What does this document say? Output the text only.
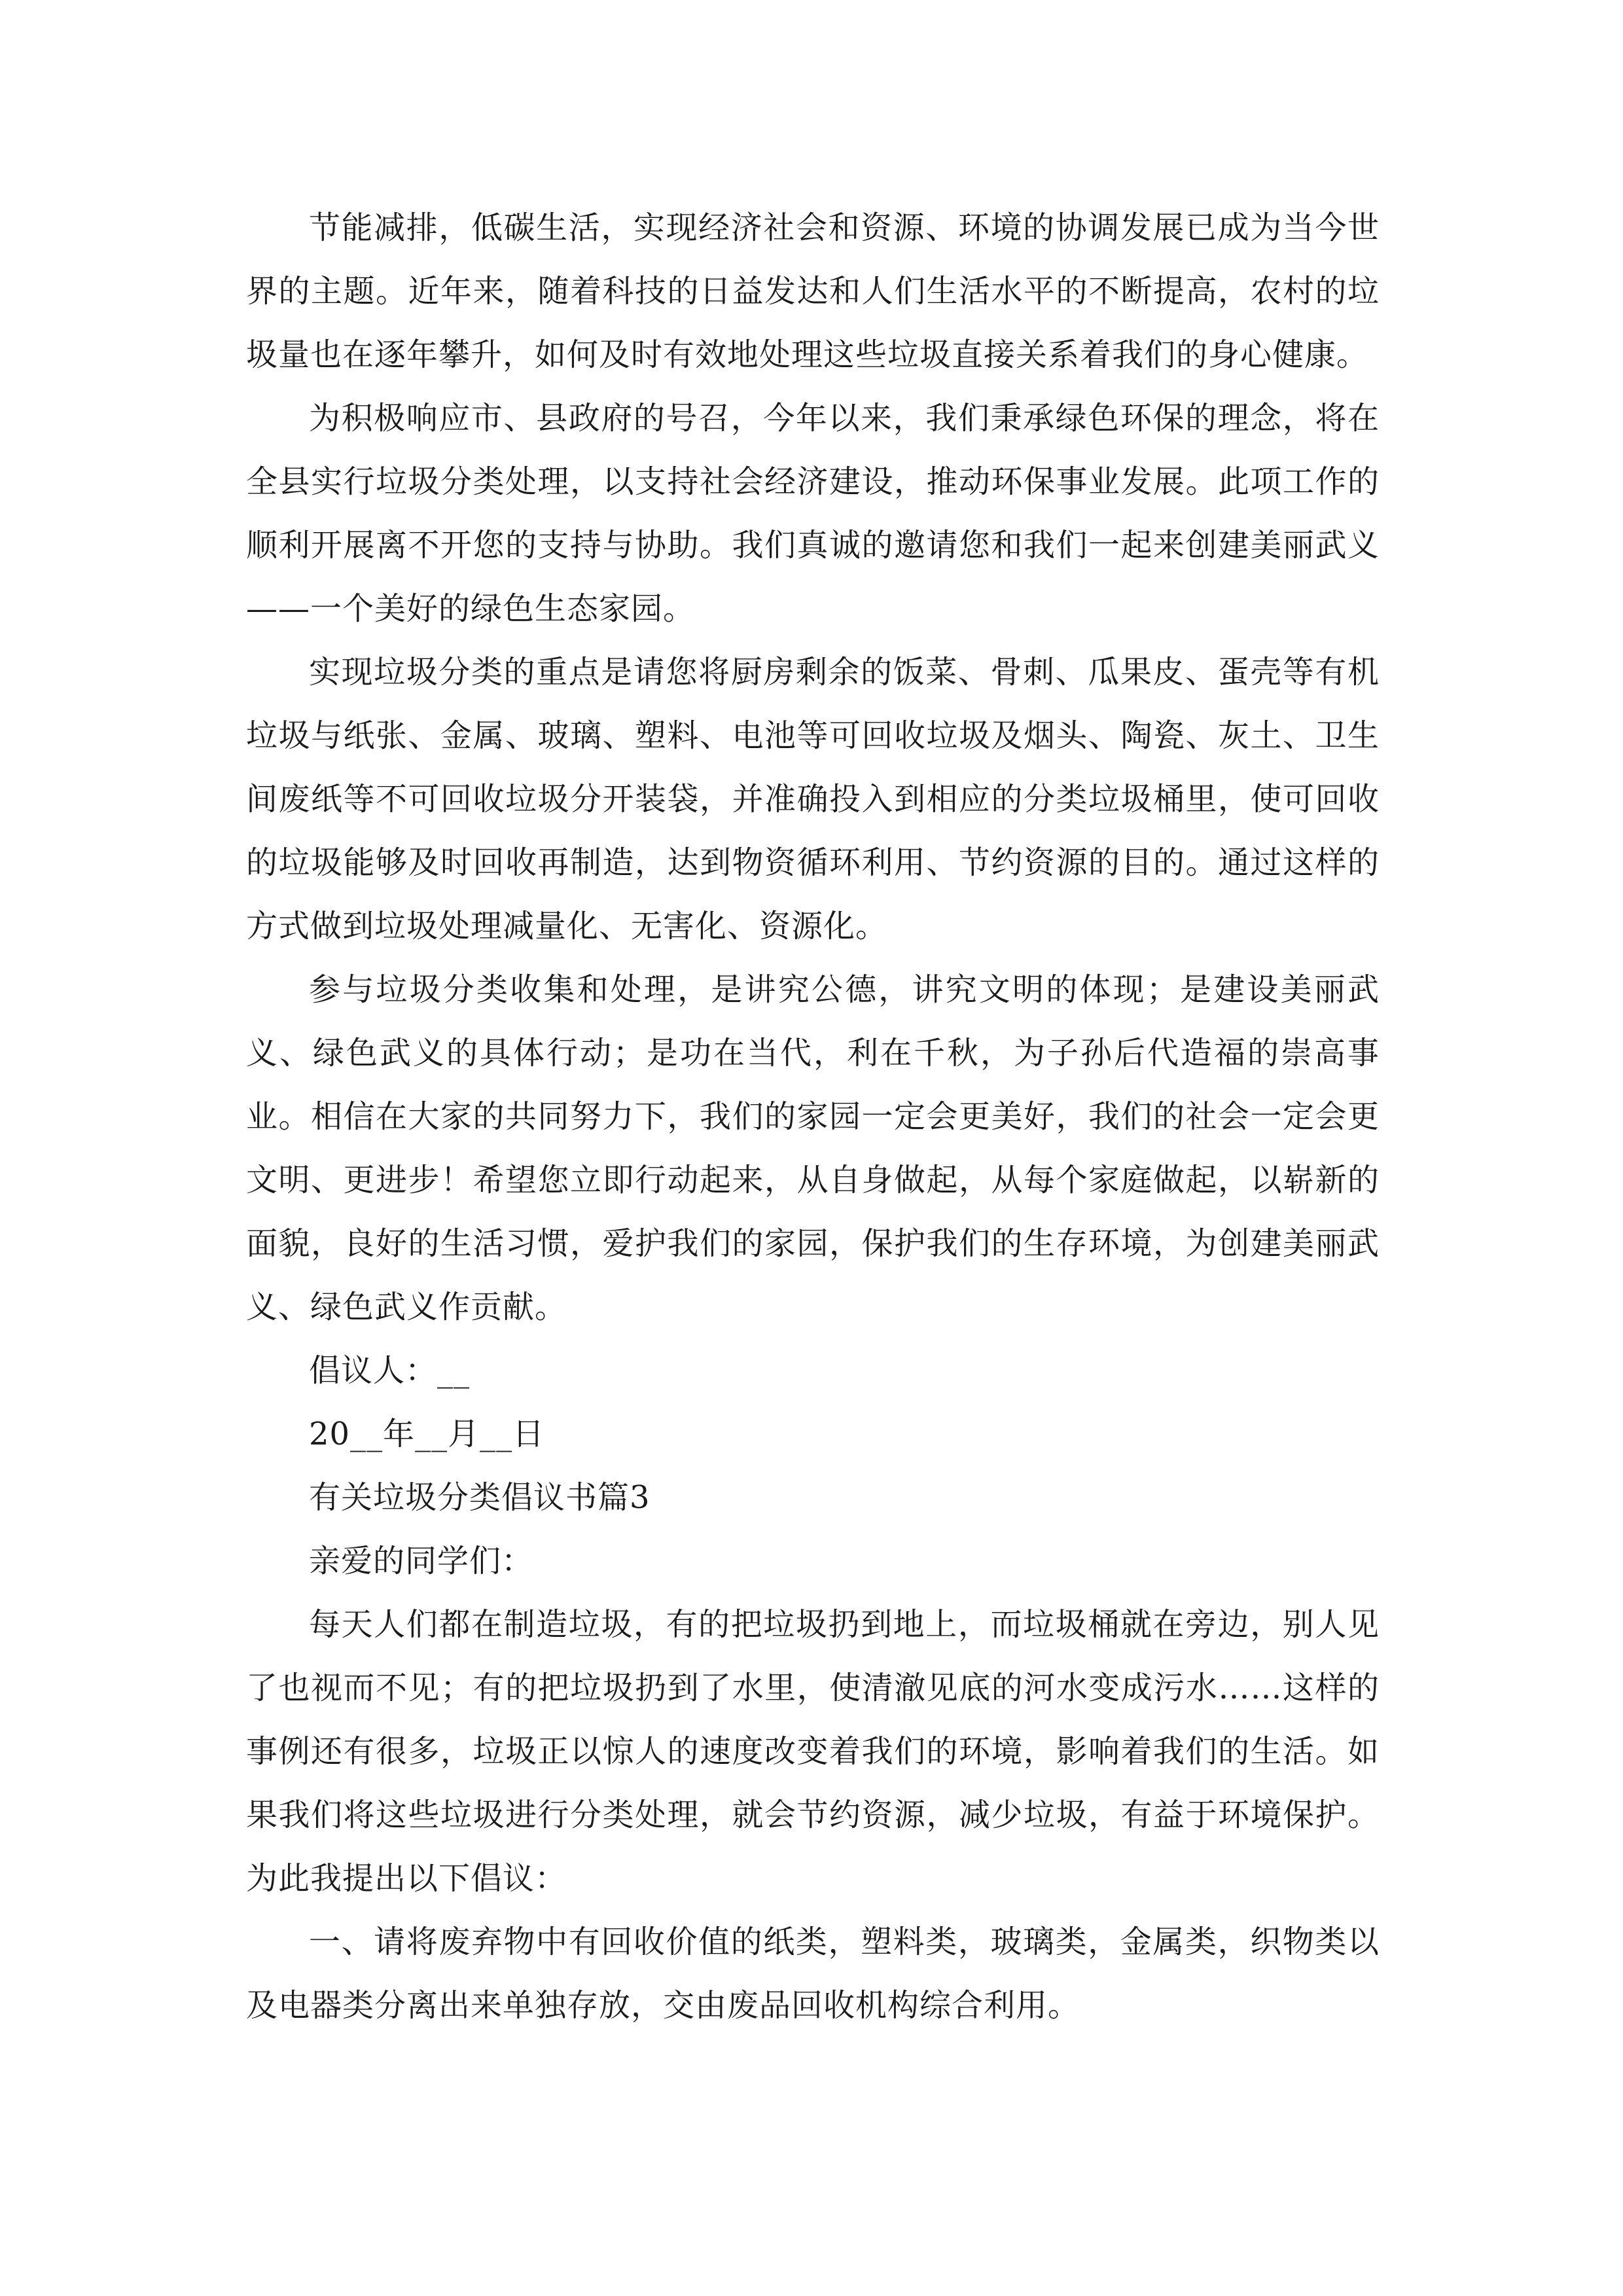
节能减排，低碳生活，实现经济社会和资源、环境的协调发展已成为当今世界的主题。近年来，随着科技的日益发达和人们生活水平的不断提高，农村的垃圾量也在逐年攀升，如何及时有效地处理这些垃圾直接关系着我们的身心健康。

为积极响应市、县政府的号召，今年以来，我们秉承绿色环保的理念，将在全县实行垃圾分类处理，以支持社会经济建设，推动环保事业发展。此项工作的顺利开展离不开您的支持与协助。我们真诚的邀请您和我们一起来创建美丽武义——一个美好的绿色生态家园。

实现垃圾分类的重点是请您将厨房剩余的饭菜、骨刺、瓜果皮、蛋壳等有机垃圾与纸张、金属、玻璃、塑料、电池等可回收垃圾及烟头、陶瓷、灰土、卫生间废纸等不可回收垃圾分开装袋，并准确投入到相应的分类垃圾桶里，使可回收的垃圾能够及时回收再制造，达到物资循环利用、节约资源的目的。通过这样的方式做到垃圾处理减量化、无害化、资源化。

参与垃圾分类收集和处理，是讲究公德，讲究文明的体现；是建设美丽武义、绿色武义的具体行动；是功在当代，利在千秋，为子孙后代造福的崇高事业。相信在大家的共同努力下，我们的家园一定会更美好，我们的社会一定会更文明、更进步！希望您立即行动起来，从自身做起，从每个家庭做起，以崭新的面貌，良好的生活习惯，爱护我们的家园，保护我们的生存环境，为创建美丽武义、绿色武义作贡献。

倡议人：__

20__年__月__日

有关垃圾分类倡议书篇3

亲爱的同学们：

每天人们都在制造垃圾，有的把垃圾扔到地上，而垃圾桶就在旁边，别人见了也视而不见；有的把垃圾扔到了水里，使清澈见底的河水变成污水……这样的事例还有很多，垃圾正以惊人的速度改变着我们的环境，影响着我们的生活。如果我们将这些垃圾进行分类处理，就会节约资源，减少垃圾，有益于环境保护。为此我提出以下倡议：

一、请将废弃物中有回收价值的纸类，塑料类，玻璃类，金属类，织物类以及电器类分离出来单独存放，交由废品回收机构综合利用。
